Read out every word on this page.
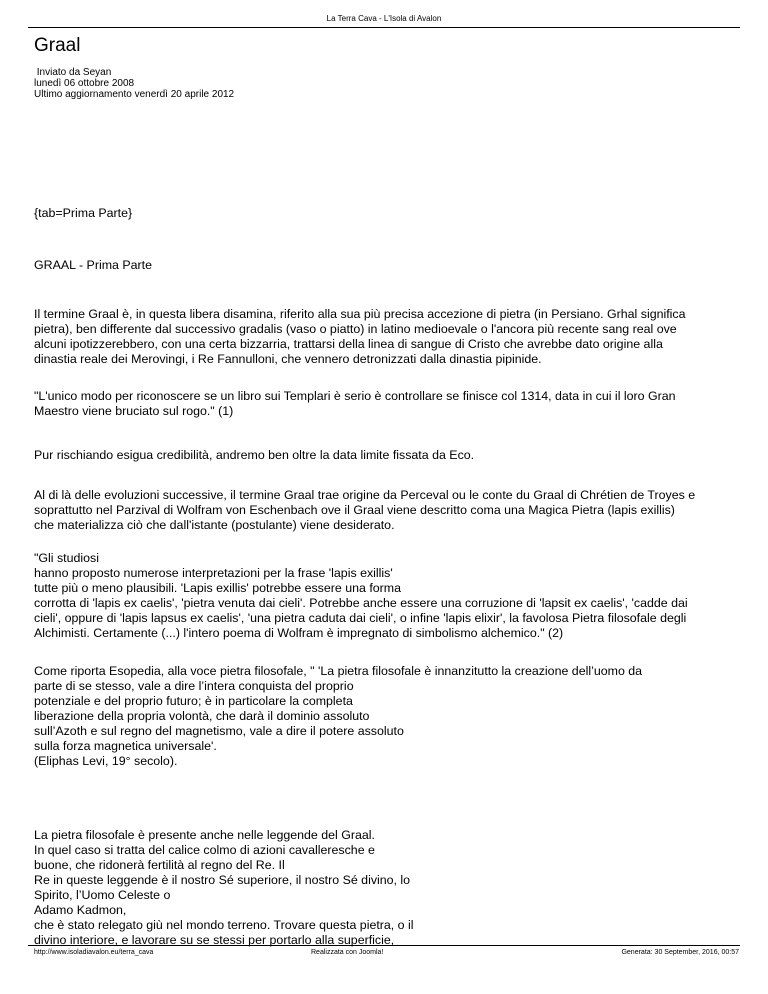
La Terra Cava - L'Isola di Avalon
Graal
Inviato da Seyan
lunedì 06 ottobre 2008
Ultimo aggiornamento venerdì 20 aprile 2012
{tab=Prima Parte}
GRAAL - Prima Parte
Il termine Graal è, in questa libera disamina, riferito alla sua più precisa accezione di pietra (in Persiano. Grhal significa
pietra), ben differente dal successivo gradalis (vaso o piatto) in latino medioevale o l'ancora più recente sang real ove
alcuni ipotizzerebbero, con una certa bizzarria, trattarsi della linea di sangue di Cristo che avrebbe dato origine alla
dinastia reale dei Merovingi, i Re Fannulloni, che vennero detronizzati dalla dinastia pipinide.
"L'unico modo per riconoscere se un libro sui Templari è serio è controllare se finisce col 1314, data in cui il loro Gran
Maestro viene bruciato sul rogo." (1)
Pur rischiando esigua credibilità, andremo ben oltre la data limite fissata da Eco.
Al di là delle evoluzioni successive, il termine Graal trae origine da Perceval ou le conte du Graal di Chrétien de Troyes e
soprattutto nel Parzival di Wolfram von Eschenbach ove il Graal viene descritto coma una Magica Pietra (lapis exillis)
che materializza ciò che dall'istante (postulante) viene desiderato.
"Gli studiosi
hanno proposto numerose interpretazioni per la frase 'lapis exillis'
tutte più o meno plausibili. 'Lapis exillis' potrebbe essere una forma
corrotta di 'lapis ex caelis', 'pietra venuta dai cieli'. Potrebbe anche essere una corruzione di 'lapsit ex caelis', 'cadde dai
cieli', oppure di 'lapis lapsus ex caelis', 'una pietra caduta dai cieli', o infine 'lapis elixir', la favolosa Pietra filosofale degli
Alchimisti. Certamente (...) l'intero poema di Wolfram è impregnato di simbolismo alchemico." (2)
Come riporta Esopedia, alla voce pietra filosofale, " 'La pietra filosofale è innanzitutto la creazione dell’uomo da
parte di se stesso, vale a dire l’intera conquista del proprio
potenziale e del proprio futuro; è in particolare la completa
liberazione della propria volontà, che darà il dominio assoluto
sull’Azoth e sul regno del magnetismo, vale a dire il potere assoluto
sulla forza magnetica universale'.
(Eliphas Levi, 19° secolo).
La pietra filosofale è presente anche nelle leggende del Graal.
In quel caso si tratta del calice colmo di azioni cavalleresche e
buone, che ridonerà fertilità al regno del Re. Il
Re in queste leggende è il nostro Sé superiore, il nostro Sé divino, lo
Spirito, l’Uomo Celeste o
Adamo Kadmon,
che è stato relegato giù nel mondo terreno. Trovare questa pietra, o il
divino interiore, e lavorare su se stessi per portarlo alla superficie,
http://www.isoladiavalon.eu/terra_cava	Realizzata con Joomla!	Generata: 30 September, 2016, 00:57
